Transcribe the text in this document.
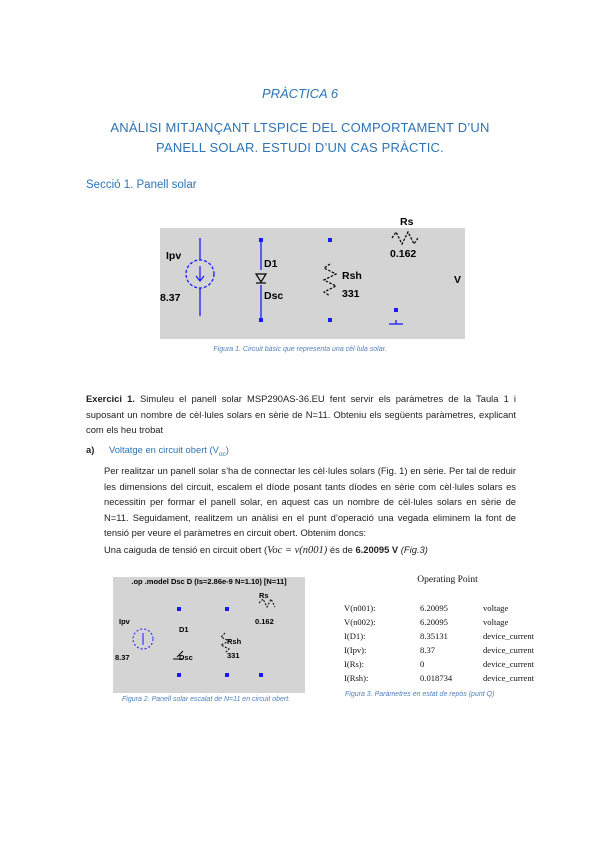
PRÀCTICA 6
ANÀLISI MITJANÇANT LTSPICE DEL COMPORTAMENT D’UN
PANELL SOLAR. ESTUDI D’UN CAS PRÀCTIC.
Secció 1. Panell solar
Ipv
8.37
D1
Dsc
Rsh
331
Rs
0.162
V
Figura 1. Circuit bàsic que representa una cèl·lula solar.
Exercici 1. Simuleu el panell solar MSP290AS-36.EU fent servir els paràmetres de la Taula 1 i suposant un nombre de cèl·lules solars en sèrie de N=11. Obteniu els següents paràmetres, explicant com els heu trobat
a) Voltatge en circuit obert $(V_{oc})$
Per realitzar un panell solar s’ha de connectar les cèl·lules solars (Fig. 1) en sèrie. Per tal de reduir les dimensions del circuit, escalem el díode posant tants díodes en sèrie com cèl·lules solars es necessitin per formar el panell solar, en aquest cas un nombre de cèl·lules solars en sèrie de N=11. Seguidament, realitzem un anàlisi en el punt d’operació una vegada eliminem la font de tensió per veure el paràmetres en circuit obert. Obtenim doncs:
Una caiguda de tensió en circuit obert (Voc = v(n001) és de 6.20095 V (Fig.3)
.op .model Dsc D (Is=2.86e-9 N=1.10) [N=11]
Rs
0.162
Ipv
8.37
D1
Dsc
Rsh
331
Figura 2. Panell solar escalat de N=11 en circuit obert.
Operating Point
V(n001):	6.20095	voltage
V(n002):	6.20095	voltage
I(D1):	8.35131	device_current
I(Ipv):	8.37	device_current
I(Rs):	0	device_current
I(Rsh):	0.018734	device_current
Figura 3. Paràmetres en estat de repòs (punt Q)
